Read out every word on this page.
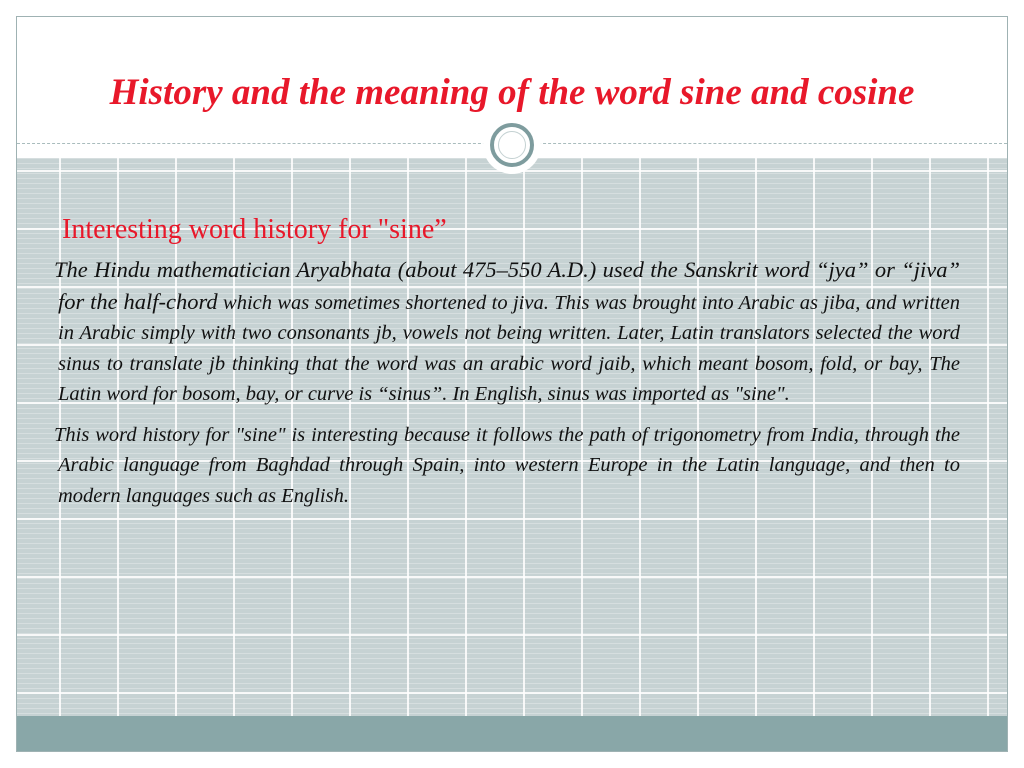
History and the meaning of the word sine and cosine
Interesting word history for "sine”

The Hindu mathematician Aryabhata (about 475–550 A.D.) used the Sanskrit word “jya” or “jiva” for the half-chord which was sometimes shortened to jiva. This was brought into Arabic as jiba, and written in Arabic simply with two consonants jb, vowels not being written. Later, Latin translators selected the word sinus to translate jb thinking that the word was an arabic word jaib, which meant bosom, fold, or bay, The Latin word for bosom, bay, or curve is “sinus”. In English, sinus was imported as "sine".

This word history for "sine" is interesting because it follows the path of trigonometry from India, through the Arabic language from Baghdad through Spain, into western Europe in the Latin language, and then to modern languages such as English.
